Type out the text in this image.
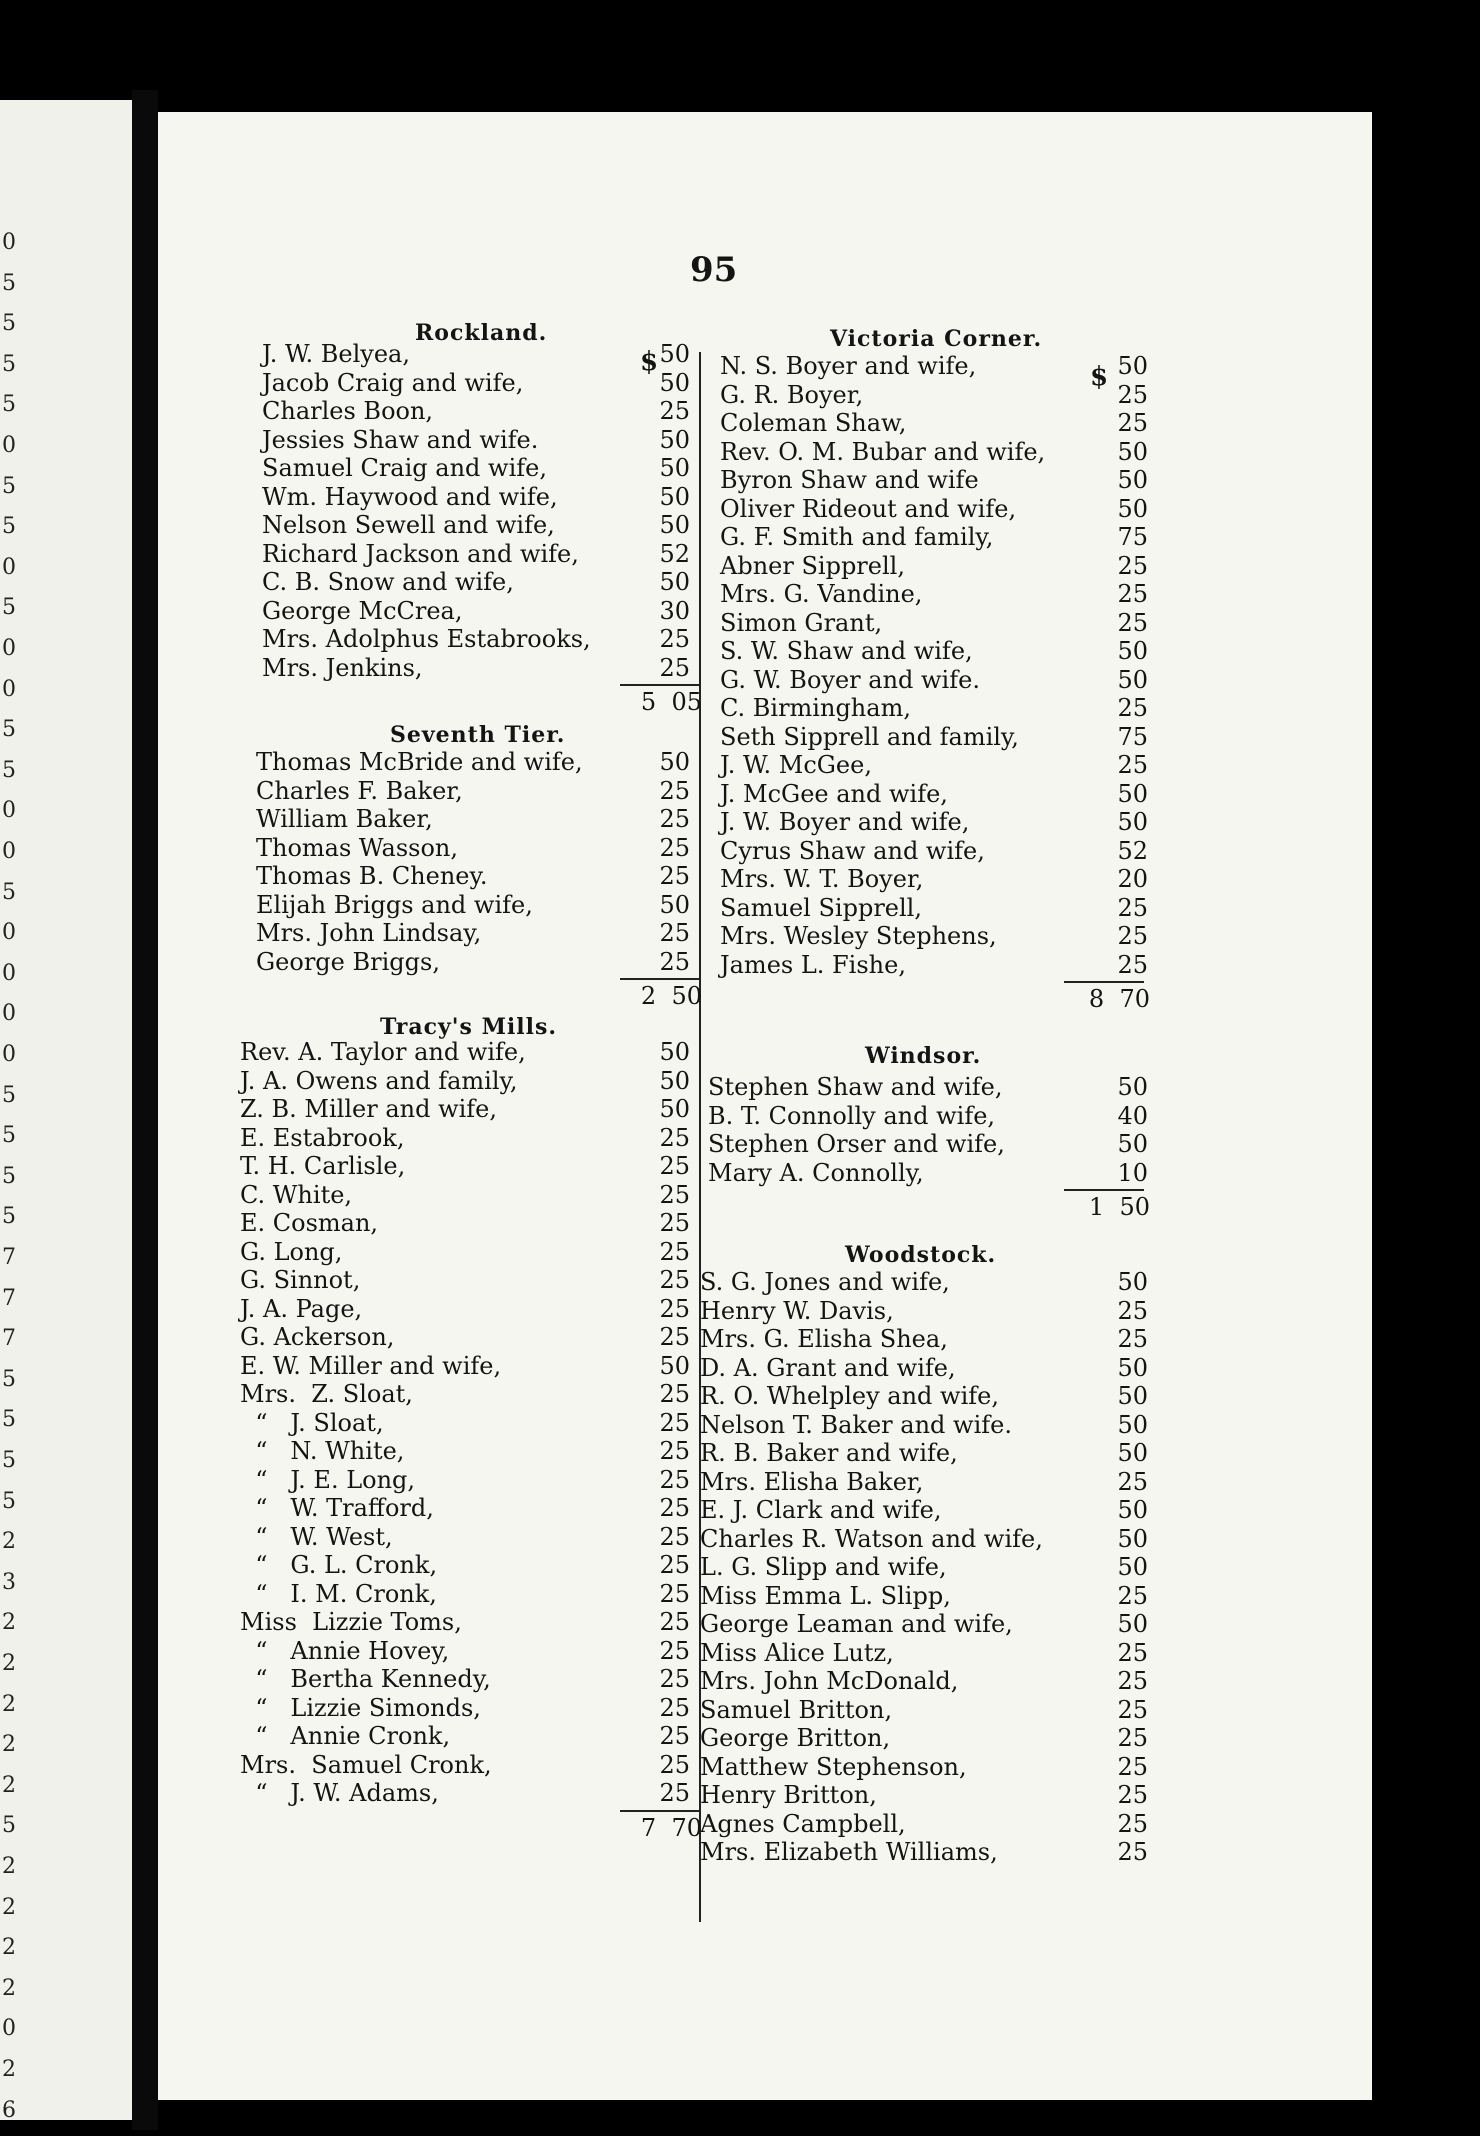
0
5
5
5
5
0
5
5
0
5
0
0
5
5
0
0
5
0
0
0
0
5
5
5
5
7
7
7
5
5
5
5
2
3
2
2
2
2
2
5
2
2
2
2
0
2
6
95
Rockland.
J. W. Belyea,	50
Jacob Craig and wife,	50
Charles Boon,	25
Jessies Shaw and wife.	50
Samuel Craig and wife,	50
Wm. Haywood and wife,	50
Nelson Sewell and wife,	50
Richard Jackson and wife,	52
C. B. Snow and wife,	50
George McCrea,	30
Mrs. Adolphus Estabrooks,	25
Mrs. Jenkins,	25
5  05
Seventh Tier.
Thomas McBride and wife,	50
Charles F. Baker,	25
William Baker,	25
Thomas Wasson,	25
Thomas B. Cheney.	25
Elijah Briggs and wife,	50
Mrs. John Lindsay,	25
George Briggs,	25
2  50
Tracy's Mills.
Rev. A. Taylor and wife,	50
J. A. Owens and family,	50
Z. B. Miller and wife,	50
E. Estabrook,	25
T. H. Carlisle,	25
C. White,	25
E. Cosman,	25
G. Long,	25
G. Sinnot,	25
J. A. Page,	25
G. Ackerson,	25
E. W. Miller and wife,	50
Mrs.  Z. Sloat,	25
“   J. Sloat,	25
“   N. White,	25
“   J. E. Long,	25
“   W. Trafford,	25
“   W. West,	25
“   G. L. Cronk,	25
“   I. M. Cronk,	25
Miss  Lizzie Toms,	25
“   Annie Hovey,	25
“   Bertha Kennedy,	25
“   Lizzie Simonds,	25
“   Annie Cronk,	25
Mrs.  Samuel Cronk,	25
“   J. W. Adams,	25
7  70
Victoria Corner.
N. S. Boyer and wife,	50
G. R. Boyer,	25
Coleman Shaw,	25
Rev. O. M. Bubar and wife,	50
Byron Shaw and wife	50
Oliver Rideout and wife,	50
G. F. Smith and family,	75
Abner Sipprell,	25
Mrs. G. Vandine,	25
Simon Grant,	25
S. W. Shaw and wife,	50
G. W. Boyer and wife.	50
C. Birmingham,	25
Seth Sipprell and family,	75
J. W. McGee,	25
J. McGee and wife,	50
J. W. Boyer and wife,	50
Cyrus Shaw and wife,	52
Mrs. W. T. Boyer,	20
Samuel Sipprell,	25
Mrs. Wesley Stephens,	25
James L. Fishe,	25
8  70
Windsor.
Stephen Shaw and wife,	50
B. T. Connolly and wife,	40
Stephen Orser and wife,	50
Mary A. Connolly,	10
1  50
Woodstock.
S. G. Jones and wife,	50
Henry W. Davis,	25
Mrs. G. Elisha Shea,	25
D. A. Grant and wife,	50
R. O. Whelpley and wife,	50
Nelson T. Baker and wife.	50
R. B. Baker and wife,	50
Mrs. Elisha Baker,	25
E. J. Clark and wife,	50
Charles R. Watson and wife,	50
L. G. Slipp and wife,	50
Miss Emma L. Slipp,	25
George Leaman and wife,	50
Miss Alice Lutz,	25
Mrs. John McDonald,	25
Samuel Britton,	25
George Britton,	25
Matthew Stephenson,	25
Henry Britton,	25
Agnes Campbell,	25
Mrs. Elizabeth Williams,	25
$	$
